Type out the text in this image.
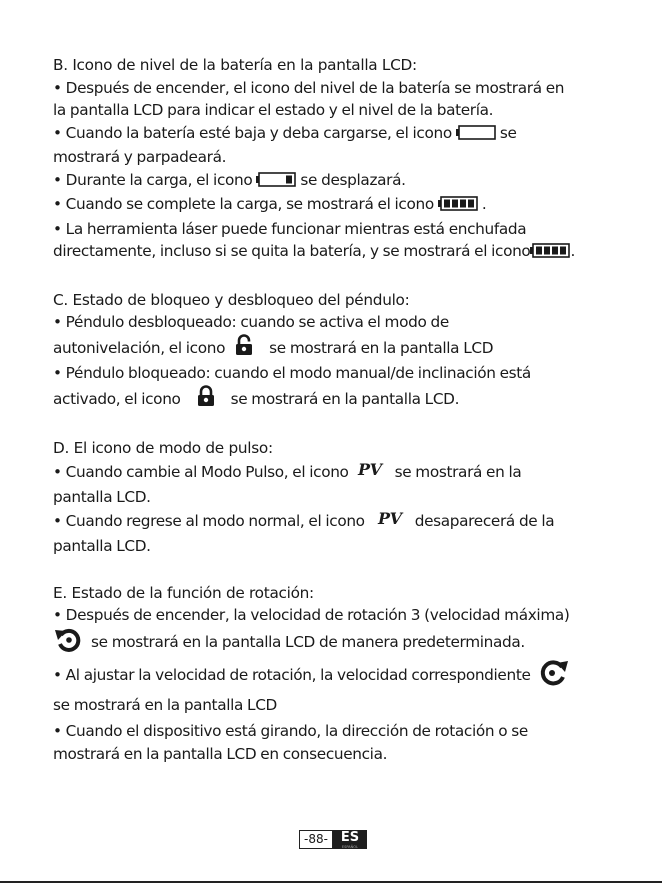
B. Icono de nivel de la batería en la pantalla LCD:
• Después de encender, el icono del nivel de la batería se mostrará en
la pantalla LCD para indicar el estado y el nivel de la batería.
• Cuando la batería esté baja y deba cargarse, el icono	se
mostrará y parpadeará.
• Durante la carga, el icono	se desplazará.
• Cuando se complete la carga, se mostrará el icono	.
• La herramienta láser puede funcionar mientras está enchufada
directamente, incluso si se quita la batería, y se mostrará el icono	.
C. Estado de bloqueo y desbloqueo del péndulo:
• Péndulo desbloqueado: cuando se activa el modo de
autonivelación, el icono	se mostrará en la pantalla LCD
• Péndulo bloqueado: cuando el modo manual/de inclinación está
activado, el icono	se mostrará en la pantalla LCD.
D. El icono de modo de pulso:
• Cuando cambie al Modo Pulso, el icono PV se mostrará en la
pantalla LCD.
• Cuando regrese al modo normal, el icono PV desaparecerá de la
pantalla LCD.
E. Estado de la función de rotación:
• Después de encender, la velocidad de rotación 3 (velocidad máxima)
se mostrará en la pantalla LCD de manera predeterminada.
• Al ajustar la velocidad de rotación, la velocidad correspondiente
se mostrará en la pantalla LCD
• Cuando el dispositivo está girando, la dirección de rotación o se
mostrará en la pantalla LCD en consecuencia.
-88- ES
ESPAÑOL
